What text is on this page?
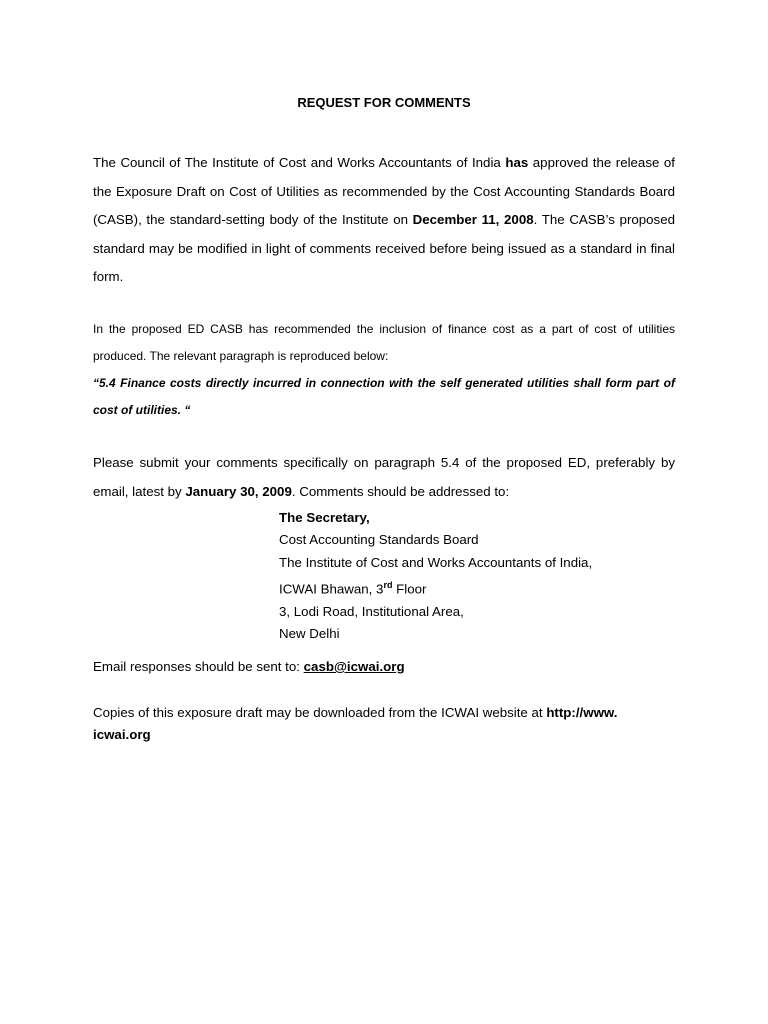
REQUEST FOR COMMENTS
The Council of The Institute of Cost and Works Accountants of India has approved the release of the Exposure Draft on Cost of Utilities as recommended by the Cost Accounting Standards Board (CASB), the standard-setting body of the Institute on December 11, 2008. The CASB’s proposed standard may be modified in light of comments received before being issued as a standard in final form.
In the proposed ED CASB has recommended the inclusion of finance cost as a part of cost of utilities produced. The relevant paragraph is reproduced below:
“5.4 Finance costs directly incurred in connection with the self generated utilities shall form part of cost of utilities. “
Please submit your comments specifically on paragraph 5.4 of the proposed ED, preferably by email, latest by January 30, 2009. Comments should be addressed to:
The Secretary,
Cost Accounting Standards Board
The Institute of Cost and Works Accountants of India,
ICWAI Bhawan, 3rd Floor
3, Lodi Road, Institutional Area,
New Delhi
Email responses should be sent to: casb@icwai.org
Copies of this exposure draft may be downloaded from the ICWAI website at http://www. icwai.org
